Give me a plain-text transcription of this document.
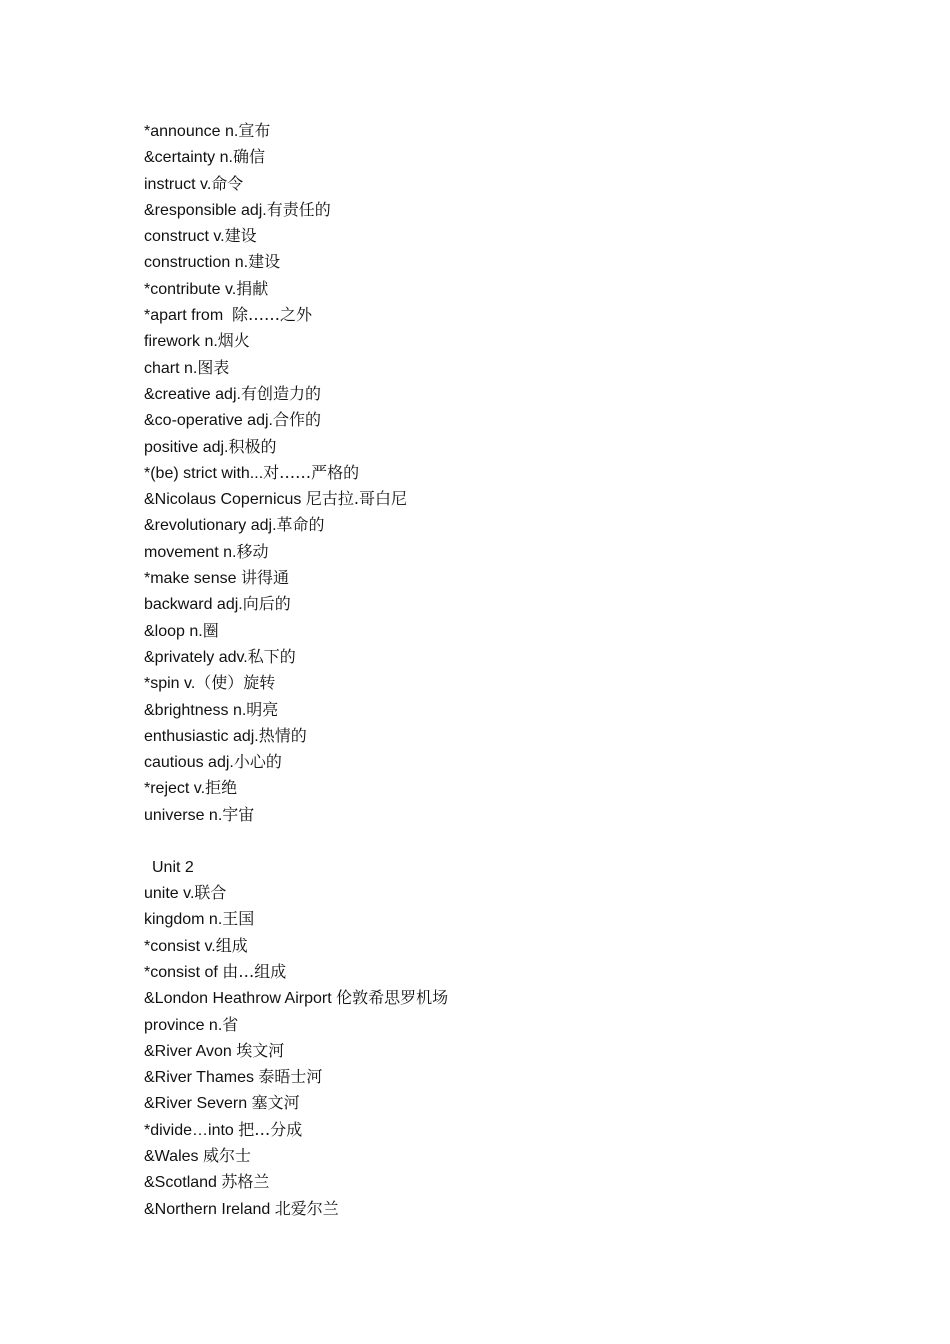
*announce n.宣布
&certainty n.确信
instruct v.命令
&responsible adj.有责任的
construct v.建设
construction n.建设
*contribute v.捐献
*apart from  除……之外
firework n.烟火
chart n.图表
&creative adj.有创造力的
&co-operative adj.合作的
positive adj.积极的
*(be) strict with...对……严格的
&Nicolaus Copernicus 尼古拉.哥白尼
&revolutionary adj.革命的
movement n.移动
*make sense 讲得通
backward adj.向后的
&loop n.圈
&privately adv.私下的
*spin v.（使）旋转
&brightness n.明亮
enthusiastic adj.热情的
cautious adj.小心的
*reject v.拒绝
universe n.宇宙
Unit 2
unite v.联合
kingdom n.王国
*consist v.组成
*consist of 由…组成
&London Heathrow Airport 伦敦希思罗机场
province n.省
&River Avon 埃文河
&River Thames 泰晤士河
&River Severn 塞文河
*divide…into 把…分成
&Wales 威尔士
&Scotland 苏格兰
&Northern Ireland 北爱尔兰
